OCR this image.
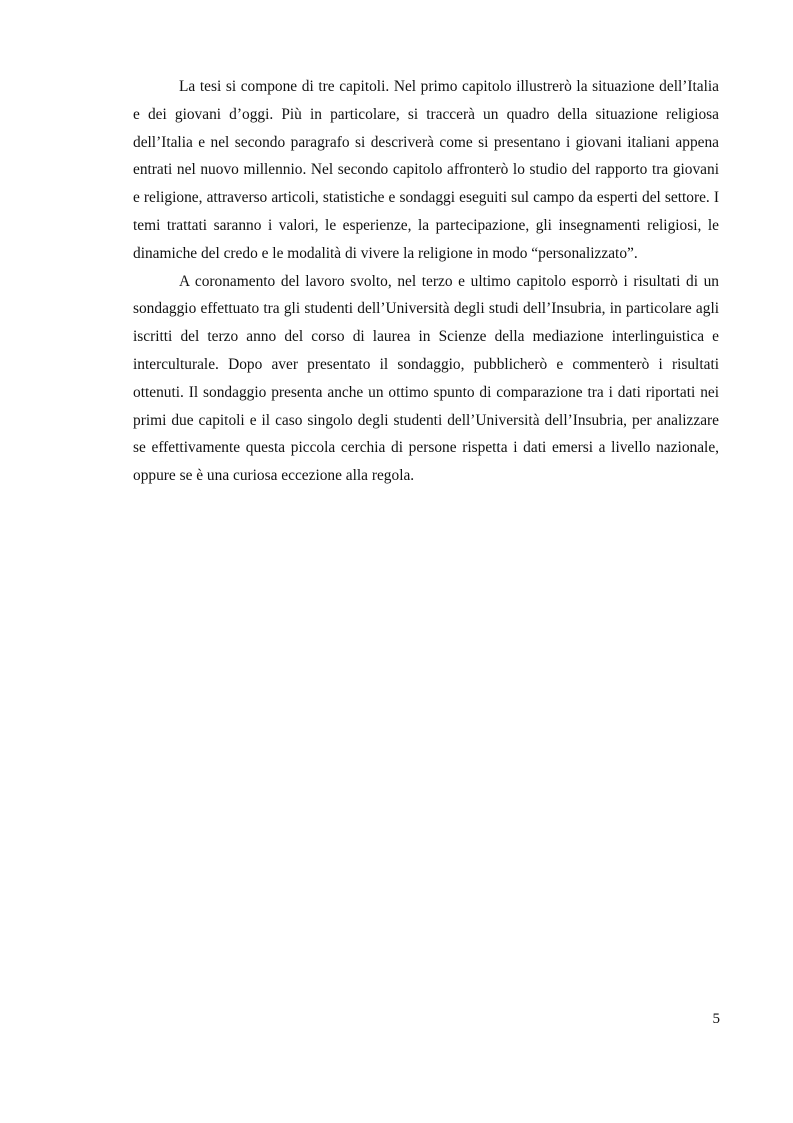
La tesi si compone di tre capitoli. Nel primo capitolo illustrerò la situazione dell’Italia e dei giovani d’oggi. Più in particolare, si traccerà un quadro della situazione religiosa dell’Italia e nel secondo paragrafo si descriverà come si presentano i giovani italiani appena entrati nel nuovo millennio. Nel secondo capitolo affronterò lo studio del rapporto tra giovani e religione, attraverso articoli, statistiche e sondaggi eseguiti sul campo da esperti del settore. I temi trattati saranno i valori, le esperienze, la partecipazione, gli insegnamenti religiosi, le dinamiche del credo e le modalità di vivere la religione in modo “personalizzato”.

A coronamento del lavoro svolto, nel terzo e ultimo capitolo esporrò i risultati di un sondaggio effettuato tra gli studenti dell’Università degli studi dell’Insubria, in particolare agli iscritti del terzo anno del corso di laurea in Scienze della mediazione interlinguistica e interculturale. Dopo aver presentato il sondaggio, pubblicherò e commenterò i risultati ottenuti. Il sondaggio presenta anche un ottimo spunto di comparazione tra i dati riportati nei primi due capitoli e il caso singolo degli studenti dell’Università dell’Insubria, per analizzare se effettivamente questa piccola cerchia di persone rispetta i dati emersi a livello nazionale, oppure se è una curiosa eccezione alla regola.

5
